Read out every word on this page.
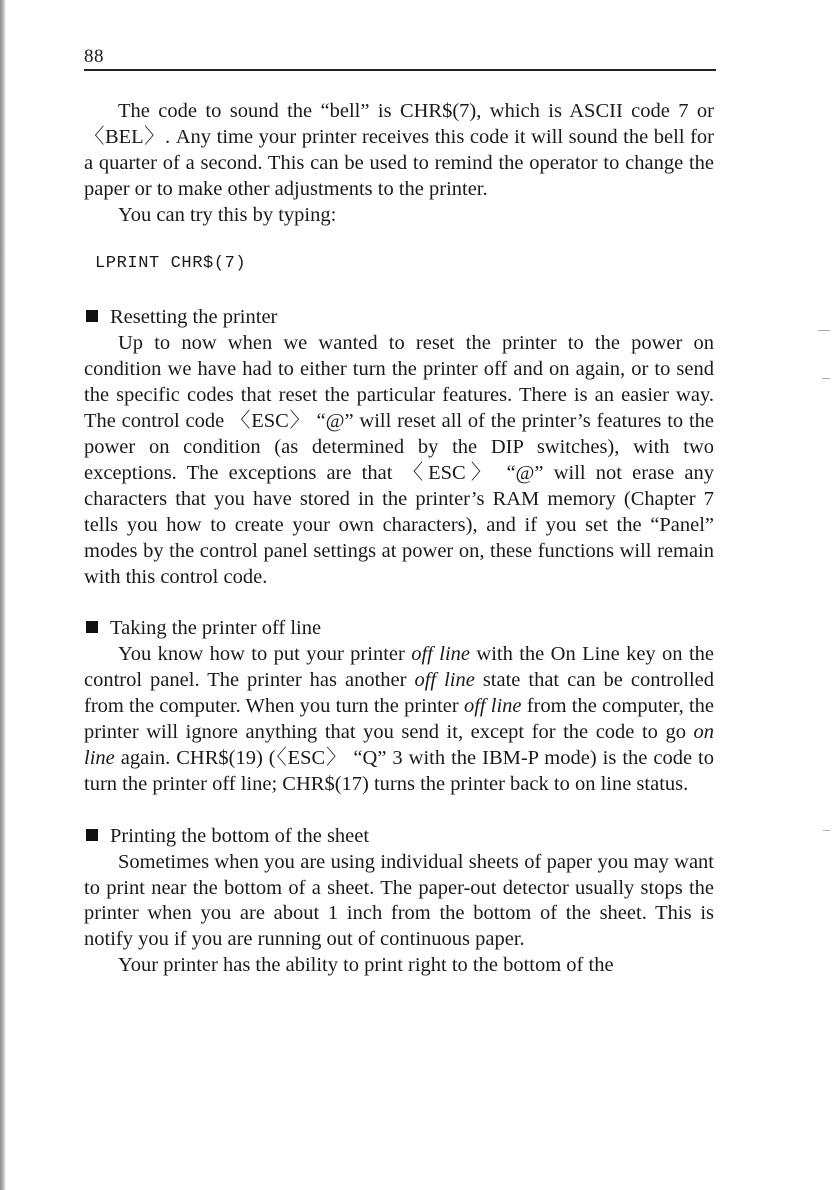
88

The code to sound the “bell” is CHR$(7), which is ASCII code 7 or 〈BEL〉. Any time your printer receives this code it will sound the bell for a quarter of a second. This can be used to remind the operator to change the paper or to make other adjustments to the printer.

You can try this by typing:

LPRINT CHR$(7)

Resetting the printer

Up to now when we wanted to reset the printer to the power on condition we have had to either turn the printer off and on again, or to send the specific codes that reset the particular features. There is an easier way. The control code 〈ESC〉 “@” will reset all of the printer’s features to the power on condition (as determined by the DIP switches), with two exceptions. The exceptions are that 〈ESC〉 “@” will not erase any characters that you have stored in the printer’s RAM memory (Chapter 7 tells you how to create your own characters), and if you set the “Panel” modes by the control panel settings at power on, these functions will remain with this control code.

Taking the printer off line

You know how to put your printer off line with the On Line key on the control panel. The printer has another off line state that can be controlled from the computer. When you turn the printer off line from the computer, the printer will ignore anything that you send it, except for the code to go on line again. CHR$(19) (〈ESC〉 “Q” 3 with the IBM-P mode) is the code to turn the printer off line; CHR$(17) turns the printer back to on line status.

Printing the bottom of the sheet

Sometimes when you are using individual sheets of paper you may want to print near the bottom of a sheet. The paper-out detector usually stops the printer when you are about 1 inch from the bottom of the sheet. This is notify you if you are running out of continuous paper.

Your printer has the ability to print right to the bottom of the
